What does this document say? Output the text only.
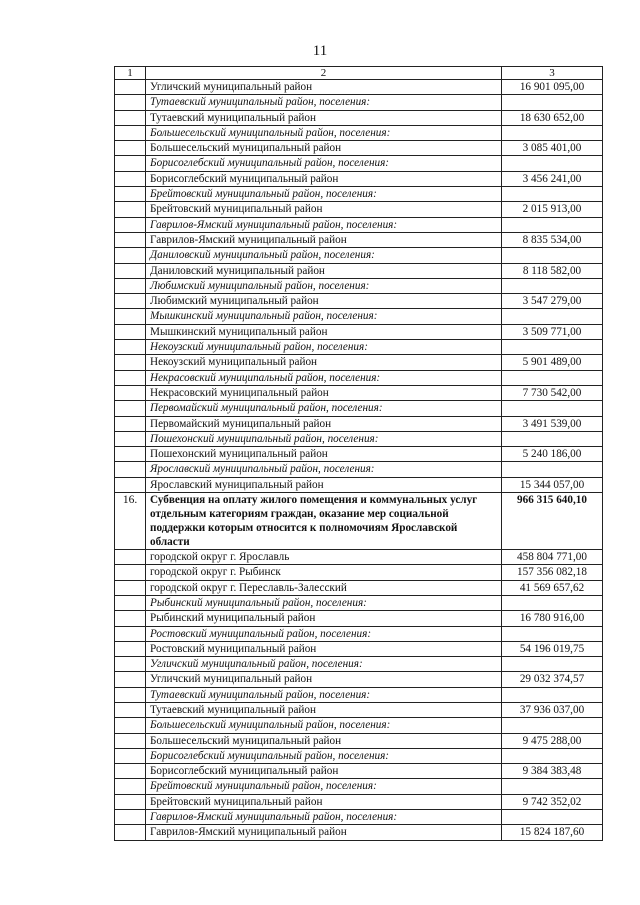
11
1	2	3
	Угличский муниципальный район	16 901 095,00
	Тутаевский муниципальный район, поселения:	
	Тутаевский муниципальный район	18 630 652,00
	Большесельский муниципальный район, поселения:	
	Большесельский муниципальный район	3 085 401,00
	Борисоглебский муниципальный район, поселения:	
	Борисоглебский муниципальный район	3 456 241,00
	Брейтовский муниципальный район, поселения:	
	Брейтовский муниципальный район	2 015 913,00
	Гаврилов-Ямский муниципальный район, поселения:	
	Гаврилов-Ямский муниципальный район	8 835 534,00
	Даниловский муниципальный район, поселения:	
	Даниловский муниципальный район	8 118 582,00
	Любимский муниципальный район, поселения:	
	Любимский муниципальный район	3 547 279,00
	Мышкинский муниципальный район, поселения:	
	Мышкинский муниципальный район	3 509 771,00
	Некоузский муниципальный район, поселения:	
	Некоузский муниципальный район	5 901 489,00
	Некрасовский муниципальный район, поселения:	
	Некрасовский муниципальный район	7 730 542,00
	Первомайский муниципальный район, поселения:	
	Первомайский муниципальный район	3 491 539,00
	Пошехонский муниципальный район, поселения:	
	Пошехонский муниципальный район	5 240 186,00
	Ярославский муниципальный район, поселения:	
	Ярославский муниципальный район	15 344 057,00
16.	Субвенция на оплату жилого помещения и коммунальных услуг отдельным категориям граждан, оказание мер социальной поддержки которым относится к полномочиям Ярославской области	966 315 640,10
	городской округ г. Ярославль	458 804 771,00
	городской округ г. Рыбинск	157 356 082,18
	городской округ г. Переславль-Залесский	41 569 657,62
	Рыбинский муниципальный район, поселения:	
	Рыбинский муниципальный район	16 780 916,00
	Ростовский муниципальный район, поселения:	
	Ростовский муниципальный район	54 196 019,75
	Угличский муниципальный район, поселения:	
	Угличский муниципальный район	29 032 374,57
	Тутаевский муниципальный район, поселения:	
	Тутаевский муниципальный район	37 936 037,00
	Большесельский муниципальный район, поселения:	
	Большесельский муниципальный район	9 475 288,00
	Борисоглебский муниципальный район, поселения:	
	Борисоглебский муниципальный район	9 384 383,48
	Брейтовский муниципальный район, поселения:	
	Брейтовский муниципальный район	9 742 352,02
	Гаврилов-Ямский муниципальный район, поселения:	
	Гаврилов-Ямский муниципальный район	15 824 187,60
